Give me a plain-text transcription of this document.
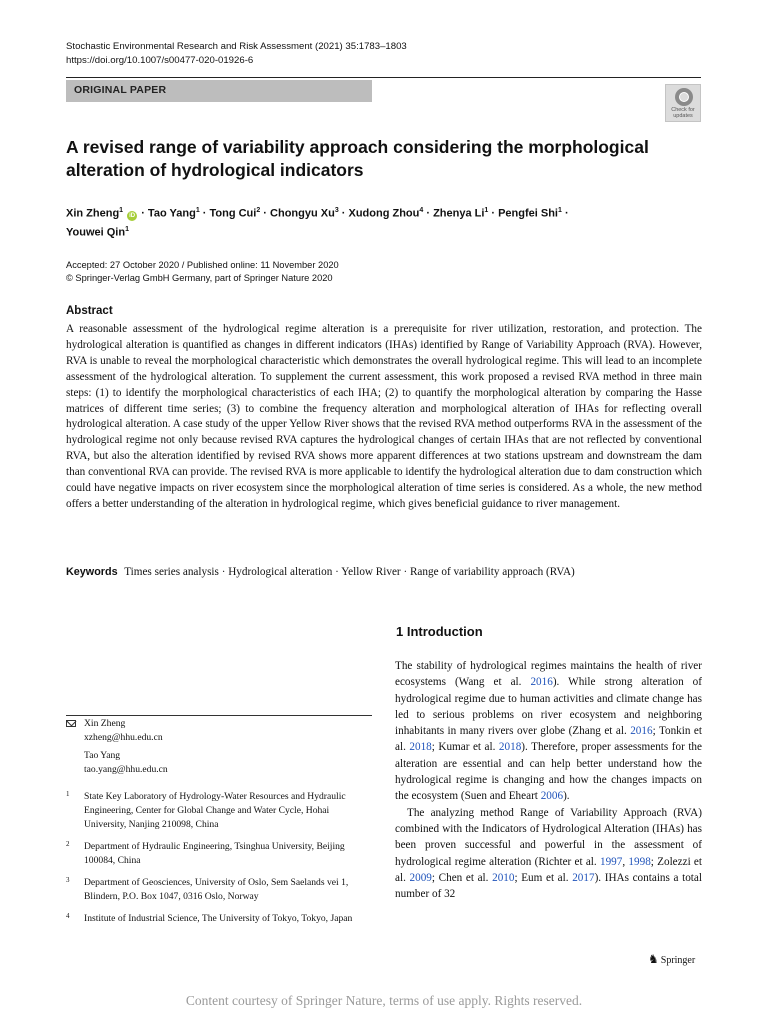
Stochastic Environmental Research and Risk Assessment (2021) 35:1783–1803
https://doi.org/10.1007/s00477-020-01926-6
ORIGINAL PAPER
Check for updates
A revised range of variability approach considering the morphological alteration of hydrological indicators
Xin Zheng$^1$ iD · Tao Yang$^1$ · Tong Cui$^2$ · Chongyu $Xu^3$ · Xudong Zhou$^4$ · Zhenya $Li^1$ · Pengfei Shi$^1$ ·
Youwei Qin$^1$
Accepted: 27 October 2020 / Published online: 11 November 2020
© Springer-Verlag GmbH Germany, part of Springer Nature 2020
Abstract

A reasonable assessment of the hydrological regime alteration is a prerequisite for river utilization, restoration, and protection. The hydrological alteration is quantified as changes in different indicators (IHAs) identified by Range of Variability Approach (RVA). However, RVA is unable to reveal the morphological characteristic which demonstrates the overall hydrological regime. This will lead to an incomplete assessment of the hydrological alteration. To supplement the current assessment, this work proposed a revised RVA method in three main steps: (1) to identify the morphological characteristics of each IHA; (2) to quantify the morphological alteration by comparing the Hasse matrices of different time series; (3) to combine the frequency alteration and morphological alteration of IHAs for reflecting overall hydrological alteration. A case study of the upper Yellow River shows that the revised RVA method outperforms RVA in the assessment of the hydrological regime not only because revised RVA captures the hydrological changes of certain IHAs that are not reflected by conventional RVA, but also the alteration identified by revised RVA shows more apparent differences at two stations upstream and downstream the dam than conventional RVA can provide. The revised RVA is more applicable to identify the hydrological alteration due to dam construction which could have negative impacts on river ecosystem since the morphological alteration of time series is considered. As a whole, the new method offers a better understanding of the alteration in hydrological regime, which gives beneficial guidance to river management.

Keywords Times series analysis · Hydrological alteration · Yellow River · Range of variability approach (RVA)
1 Introduction

The stability of hydrological regimes maintains the health of river ecosystems (Wang et al. 2016). While strong alteration of hydrological regime due to human activities and climate change has led to serious problems on river ecosystem and neighboring inhabitants in many rivers over globe (Zhang et al. 2016; Tonkin et al. 2018; Kumar et al. 2018). Therefore, proper assessments for the alteration are essential and can help better understand how the hydrological regime is changing and how the changes impacts on the ecosystem (Suen and Eheart 2006).

The analyzing method Range of Variability Approach (RVA) combined with the Indicators of Hydrological Alteration (IHAs) has been proven successful and powerful in the assessment of hydrological regime alteration (Richter et al. 1997, 1998; Zolezzi et al. 2009; Chen et al. 2010; Eum et al. 2017). IHAs contains a total number of 32

Xin Zheng
xzheng@hhu.edu.cn
Tao Yang
tao.yang@hhu.edu.cn
1 State Key Laboratory of Hydrology-Water Resources and Hydraulic Engineering, Center for Global Change and Water Cycle, Hohai University, Nanjing 210098, China
2 Department of Hydraulic Engineering, Tsinghua University, Beijing 100084, China
3 Department of Geosciences, University of Oslo, Sem Saelands vei 1, Blindern, P.O. Box 1047, 0316 Oslo, Norway
4 Institute of Industrial Science, The University of Tokyo, Tokyo, Japan
♞ Springer
Content courtesy of Springer Nature, terms of use apply. Rights reserved.
